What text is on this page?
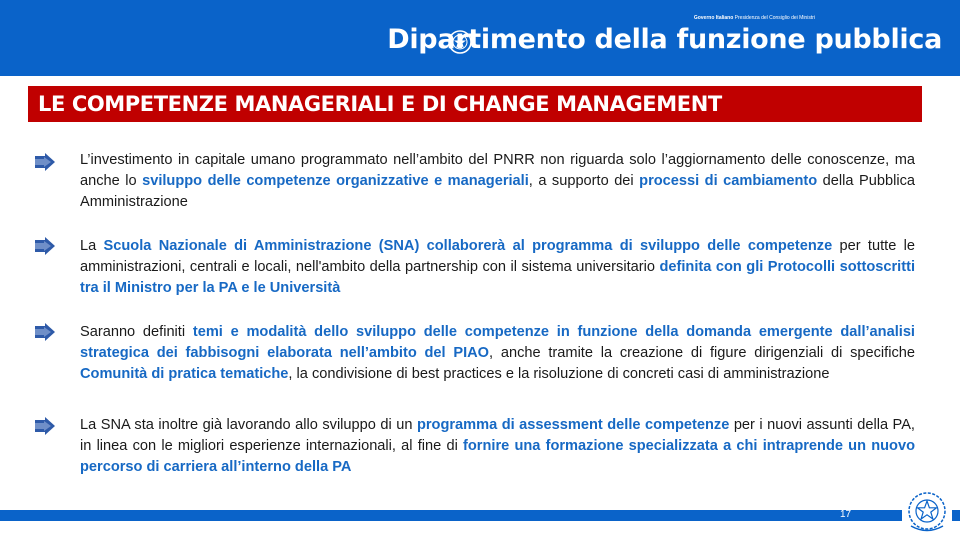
Governo Italiano Presidenza del Consiglio dei Ministri
Dipartimento della funzione pubblica
LE COMPETENZE MANAGERIALI E DI CHANGE MANAGEMENT
L’investimento in capitale umano programmato nell’ambito del PNRR non riguarda solo l’aggiornamento delle conoscenze, ma anche lo sviluppo delle competenze organizzative e manageriali, a supporto dei processi di cambiamento della Pubblica Amministrazione
La Scuola Nazionale di Amministrazione (SNA) collaborerà al programma di sviluppo delle competenze per tutte le amministrazioni, centrali e locali, nell'ambito della partnership con il sistema universitario definita con gli Protocolli sottoscritti tra il Ministro per la PA e le Università
Saranno definiti temi e modalità dello sviluppo delle competenze in funzione della domanda emergente dall’analisi strategica dei fabbisogni elaborata nell’ambito del PIAO, anche tramite la creazione di figure dirigenziali di specifiche Comunità di pratica tematiche, la condivisione di best practices e la risoluzione di concreti casi di amministrazione
La SNA sta inoltre già lavorando allo sviluppo di un programma di assessment delle competenze per i nuovi assunti della PA, in linea con le migliori esperienze internazionali, al fine di fornire una formazione specializzata a chi intraprende un nuovo percorso di carriera all’interno della PA
17
